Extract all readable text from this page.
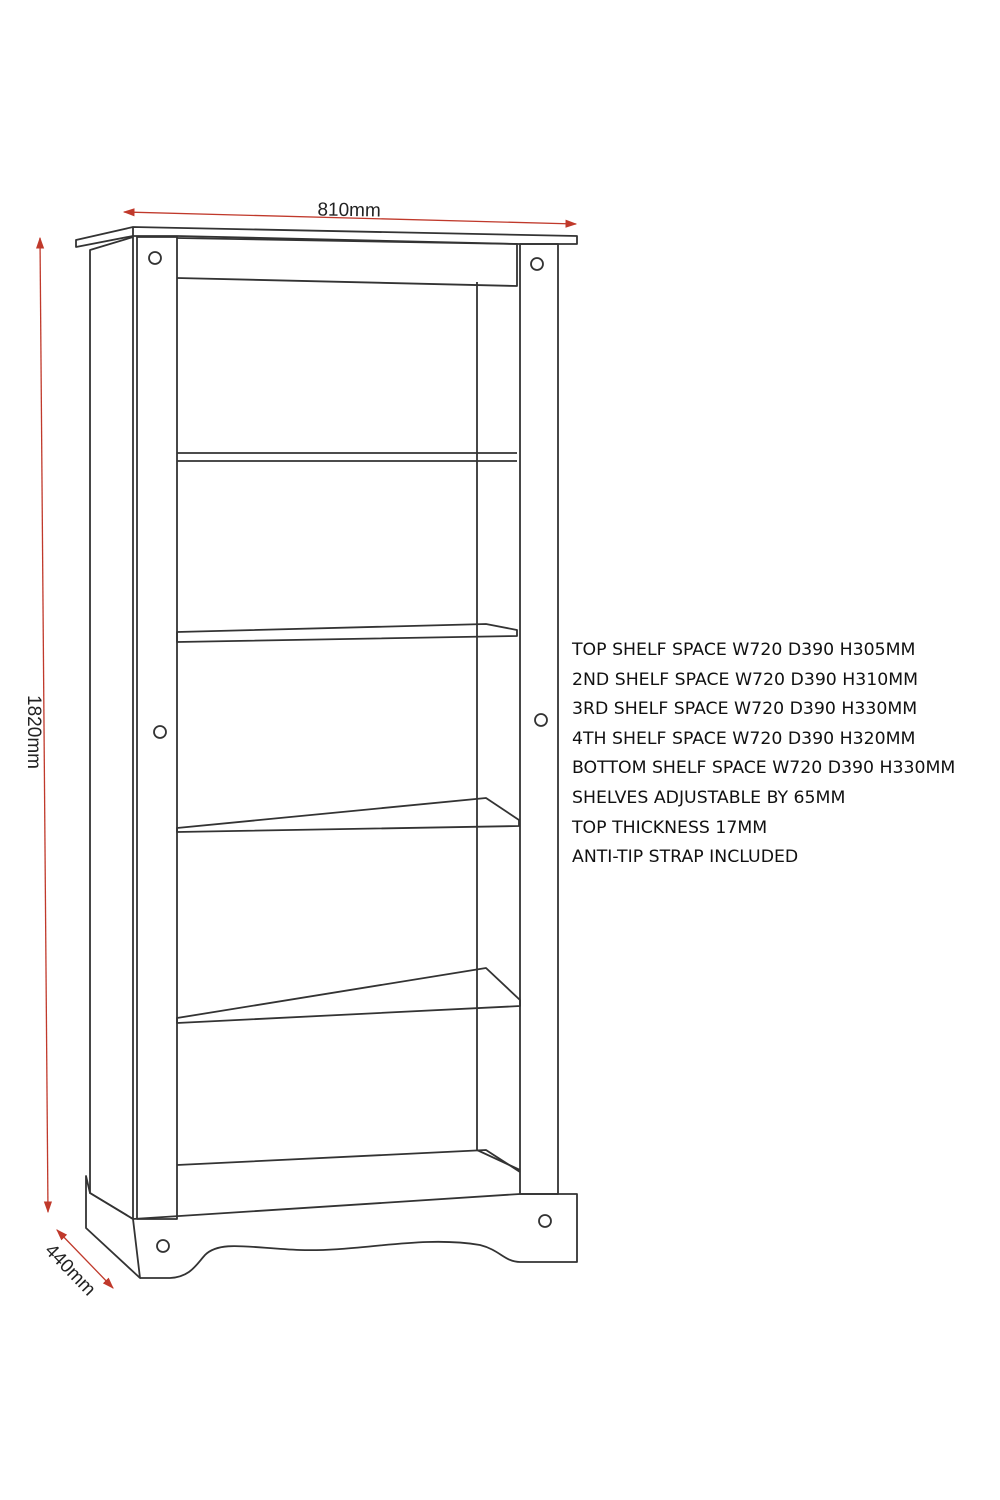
810mm
1820mm
440mm
TOP SHELF SPACE W720 D390 H305MM
2ND SHELF SPACE W720 D390 H310MM
3RD SHELF SPACE W720 D390 H330MM
4TH SHELF SPACE W720 D390 H320MM
BOTTOM SHELF SPACE W720 D390 H330MM
SHELVES ADJUSTABLE BY 65MM
TOP THICKNESS 17MM
ANTI-TIP STRAP INCLUDED
